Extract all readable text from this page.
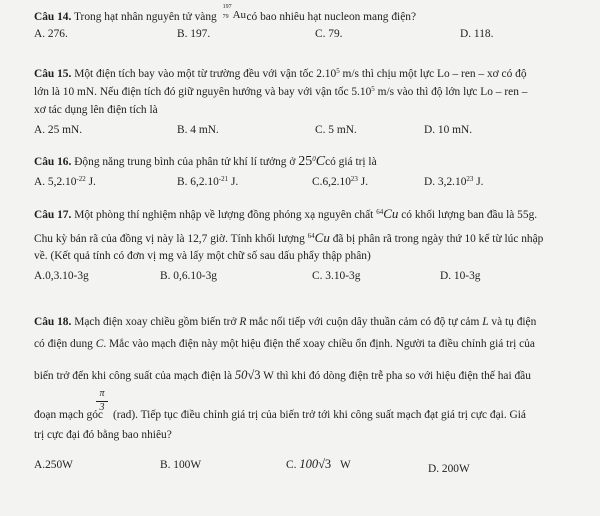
Câu 14. Trong hạt nhân nguyên tử vàng
197
79 Au có bao nhiêu hạt nucleon mang điện?
A. 276.	B. 197.	C. 79.	D. 118.
Câu 15. Một điện tích bay vào một từ trường đều với vận tốc 2.10$^5$ m/s thì chịu một lực Lo – ren – xơ có độ
lớn là 10 mN. Nếu điện tích đó giữ nguyên hướng và bay với vận tốc 5.10$^5$ m/s vào thì độ lớn lực Lo – ren –
xơ tác dụng lên điện tích là
A. 25 mN.	B. 4 mN.	C. 5 mN.	D. 10 mN.
Câu 16. Động năng trung bình của phân tử khí lí tưởng ở $25^0Ccó$ giá trị là
A. $5,2.10^{-22}$ J.	B. $6,2.10^{-21}$ J.	C.6,2.10$^{23}$ J.	D. 3,2.10$^{23}$ J.
Câu 17. Một phòng thí nghiệm nhập về lượng đồng phóng xạ nguyên chất $^{64}$Cu có khối lượng ban đầu là 55g.
Chu kỳ bán rã của đồng vị này là 12,7 giờ. Tính khối lượng $^{64}$Cu đã bị phân rã trong ngày thứ 10 kể từ lúc nhập
về. (Kết quả tính có đơn vị mg và lấy một chữ số sau dấu phẩy thập phân)
A.0,3.10-3g	B. 0,6.10-3g	C. 3.10-3g	D. 10-3g
Câu 18. Mạch điện xoay chiều gồm biến trở R mắc nối tiếp với cuộn dây thuần cảm có độ tự cảm L và tụ điện
có điện dung C. Mắc vào mạch điện này một hiệu điện thế xoay chiều ổn định. Người ta điều chỉnh giá trị của
biến trở đến khi công suất của mạch điện là 50√3 W thì khi đó dòng điện trễ pha so với hiệu điện thế hai đầu
π
3
đoạn mạch góc (rad). Tiếp tục điều chỉnh giá trị của biến trở tới khi công suất mạch đạt giá trị cực đại. Giá
trị cực đại đó bằng bao nhiêu?
A.250W	B. 100W	C. 100√3 W	D. 200W
